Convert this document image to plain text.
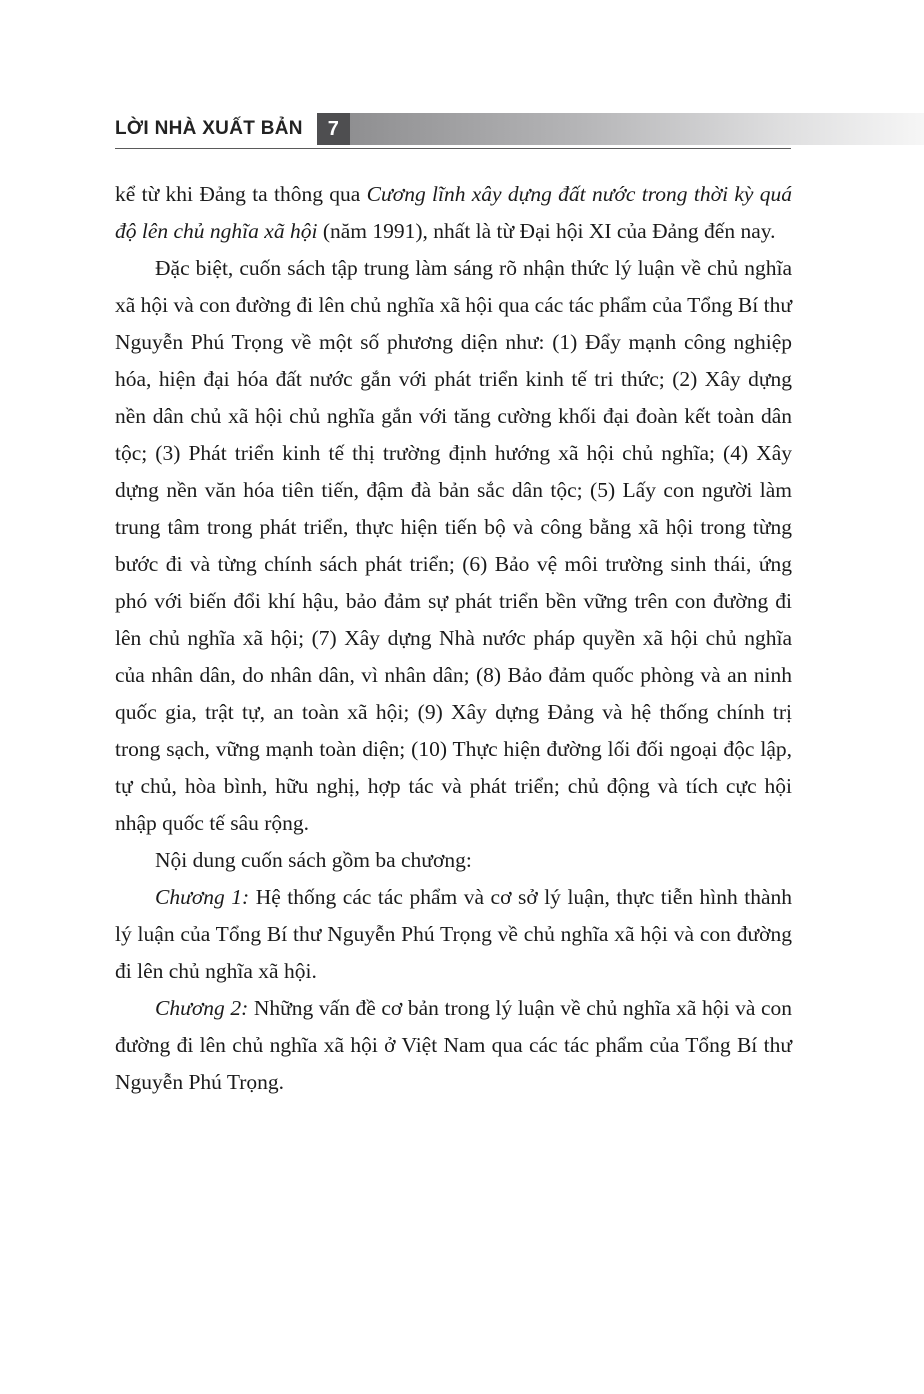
LỜI NHÀ XUẤT BẢN	7

kể từ khi Đảng ta thông qua Cương lĩnh xây dựng đất nước trong thời kỳ quá độ lên chủ nghĩa xã hội (năm 1991), nhất là từ Đại hội XI của Đảng đến nay.

Đặc biệt, cuốn sách tập trung làm sáng rõ nhận thức lý luận về chủ nghĩa xã hội và con đường đi lên chủ nghĩa xã hội qua các tác phẩm của Tổng Bí thư Nguyễn Phú Trọng về một số phương diện như: (1) Đẩy mạnh công nghiệp hóa, hiện đại hóa đất nước gắn với phát triển kinh tế tri thức; (2) Xây dựng nền dân chủ xã hội chủ nghĩa gắn với tăng cường khối đại đoàn kết toàn dân tộc; (3) Phát triển kinh tế thị trường định hướng xã hội chủ nghĩa; (4) Xây dựng nền văn hóa tiên tiến, đậm đà bản sắc dân tộc; (5) Lấy con người làm trung tâm trong phát triển, thực hiện tiến bộ và công bằng xã hội trong từng bước đi và từng chính sách phát triển; (6) Bảo vệ môi trường sinh thái, ứng phó với biến đổi khí hậu, bảo đảm sự phát triển bền vững trên con đường đi lên chủ nghĩa xã hội; (7) Xây dựng Nhà nước pháp quyền xã hội chủ nghĩa của nhân dân, do nhân dân, vì nhân dân; (8) Bảo đảm quốc phòng và an ninh quốc gia, trật tự, an toàn xã hội; (9) Xây dựng Đảng và hệ thống chính trị trong sạch, vững mạnh toàn diện; (10) Thực hiện đường lối đối ngoại độc lập, tự chủ, hòa bình, hữu nghị, hợp tác và phát triển; chủ động và tích cực hội nhập quốc tế sâu rộng.

Nội dung cuốn sách gồm ba chương:

Chương 1: Hệ thống các tác phẩm và cơ sở lý luận, thực tiễn hình thành lý luận của Tổng Bí thư Nguyễn Phú Trọng về chủ nghĩa xã hội và con đường đi lên chủ nghĩa xã hội.

Chương 2: Những vấn đề cơ bản trong lý luận về chủ nghĩa xã hội và con đường đi lên chủ nghĩa xã hội ở Việt Nam qua các tác phẩm của Tổng Bí thư Nguyễn Phú Trọng.
